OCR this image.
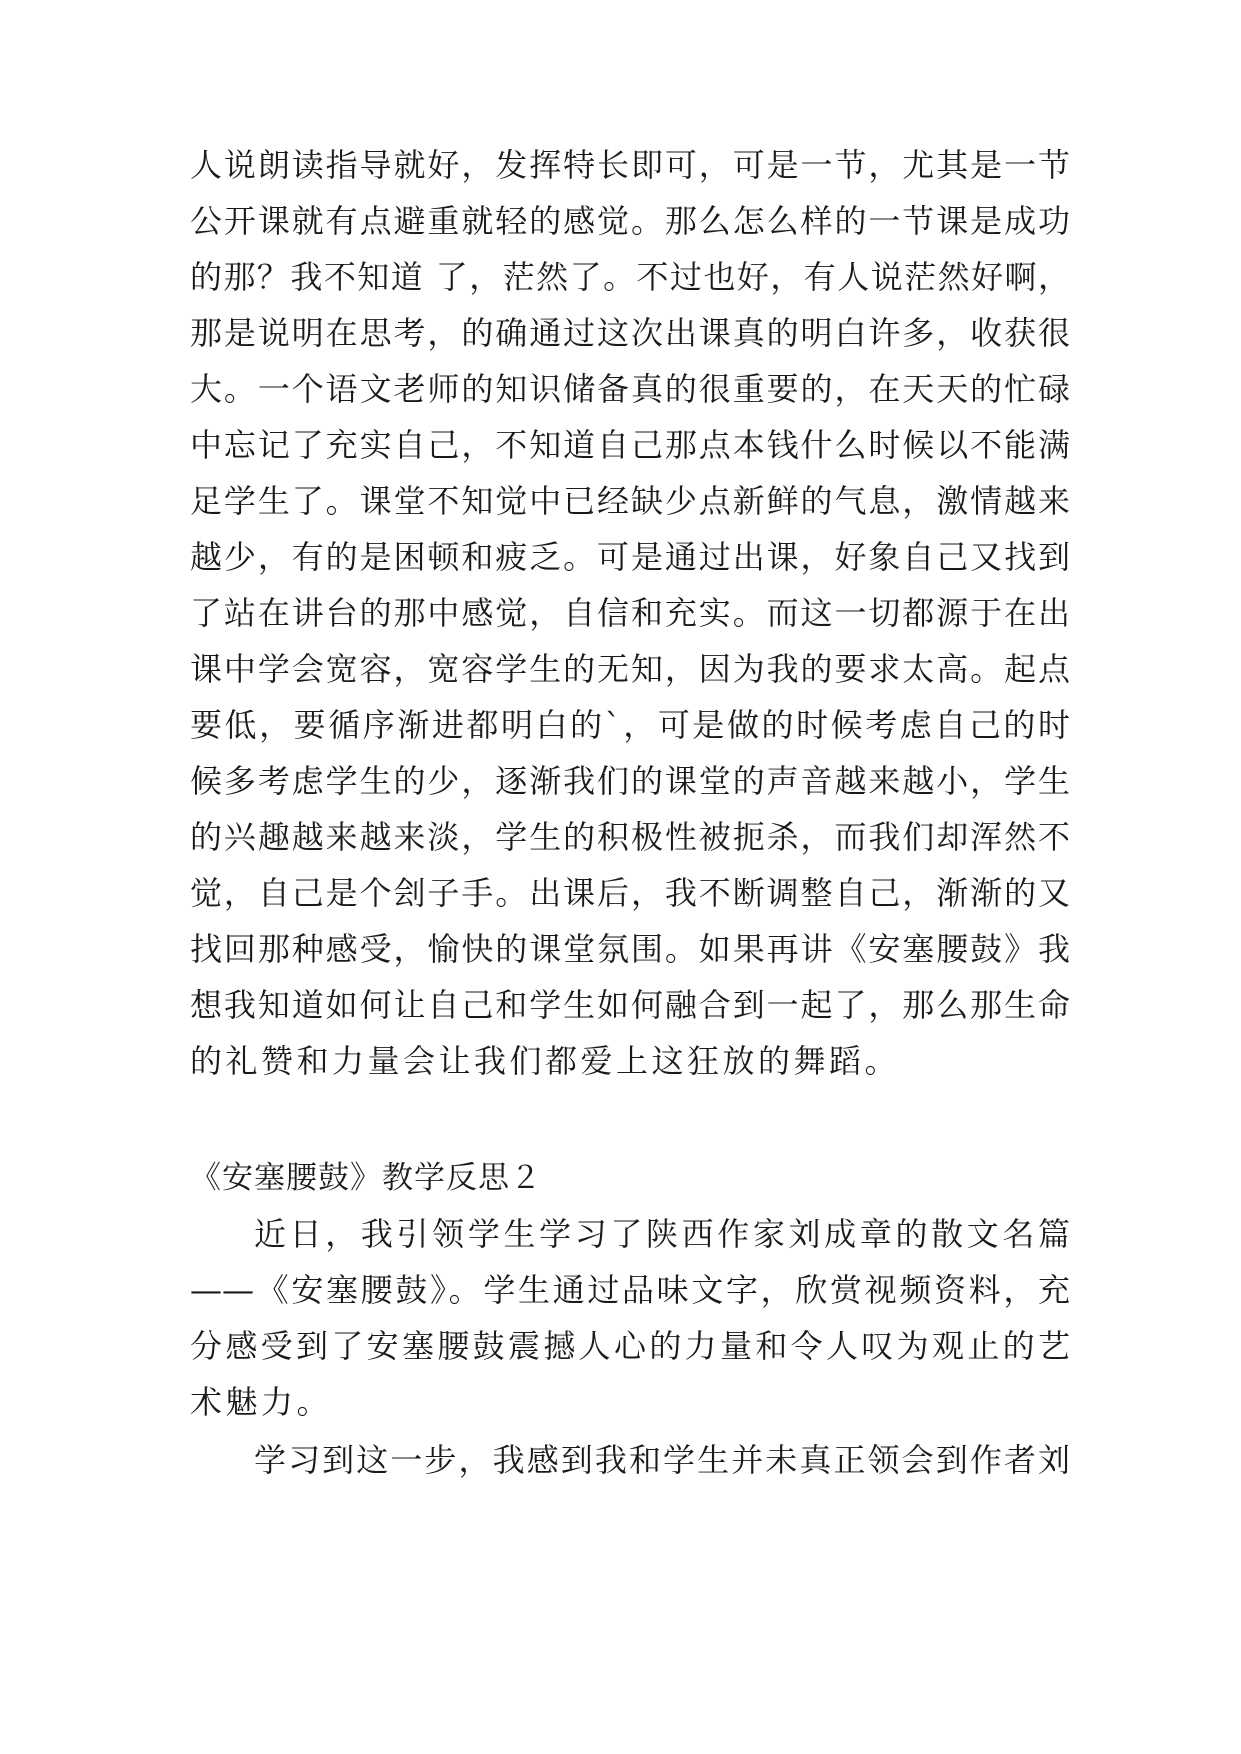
人说朗读指导就好，发挥特长即可，可是一节，尤其是一节
公开课就有点避重就轻的感觉。那么怎么样的一节课是成功
的那？我不知道 了，茫然了。不过也好，有人说茫然好啊，
那是说明在思考，的确通过这次出课真的明白许多，收获很
大。一个语文老师的知识储备真的很重要的，在天天的忙碌
中忘记了充实自己，不知道自己那点本钱什么时候以不能满
足学生了。课堂不知觉中已经缺少点新鲜的气息，激情越来
越少，有的是困顿和疲乏。可是通过出课，好象自己又找到
了站在讲台的那中感觉，自信和充实。而这一切都源于在出
课中学会宽容，宽容学生的无知，因为我的要求太高。起点
要低，要循序渐进都明白的`，可是做的时候考虑自己的时
候多考虑学生的少，逐渐我们的课堂的声音越来越小，学生
的兴趣越来越来淡，学生的积极性被扼杀，而我们却浑然不
觉，自己是个刽子手。出课后，我不断调整自己，渐渐的又
找回那种感受，愉快的课堂氛围。如果再讲《安塞腰鼓》我
想我知道如何让自己和学生如何融合到一起了，那么那生命
的礼赞和力量会让我们都爱上这狂放的舞蹈。
《安塞腰鼓》教学反思２
近日，我引领学生学习了陕西作家刘成章的散文名篇
——《安塞腰鼓》。学生通过品味文字，欣赏视频资料，充
分感受到了安塞腰鼓震撼人心的力量和令人叹为观止的艺
术魅力。
学习到这一步，我感到我和学生并未真正领会到作者刘
